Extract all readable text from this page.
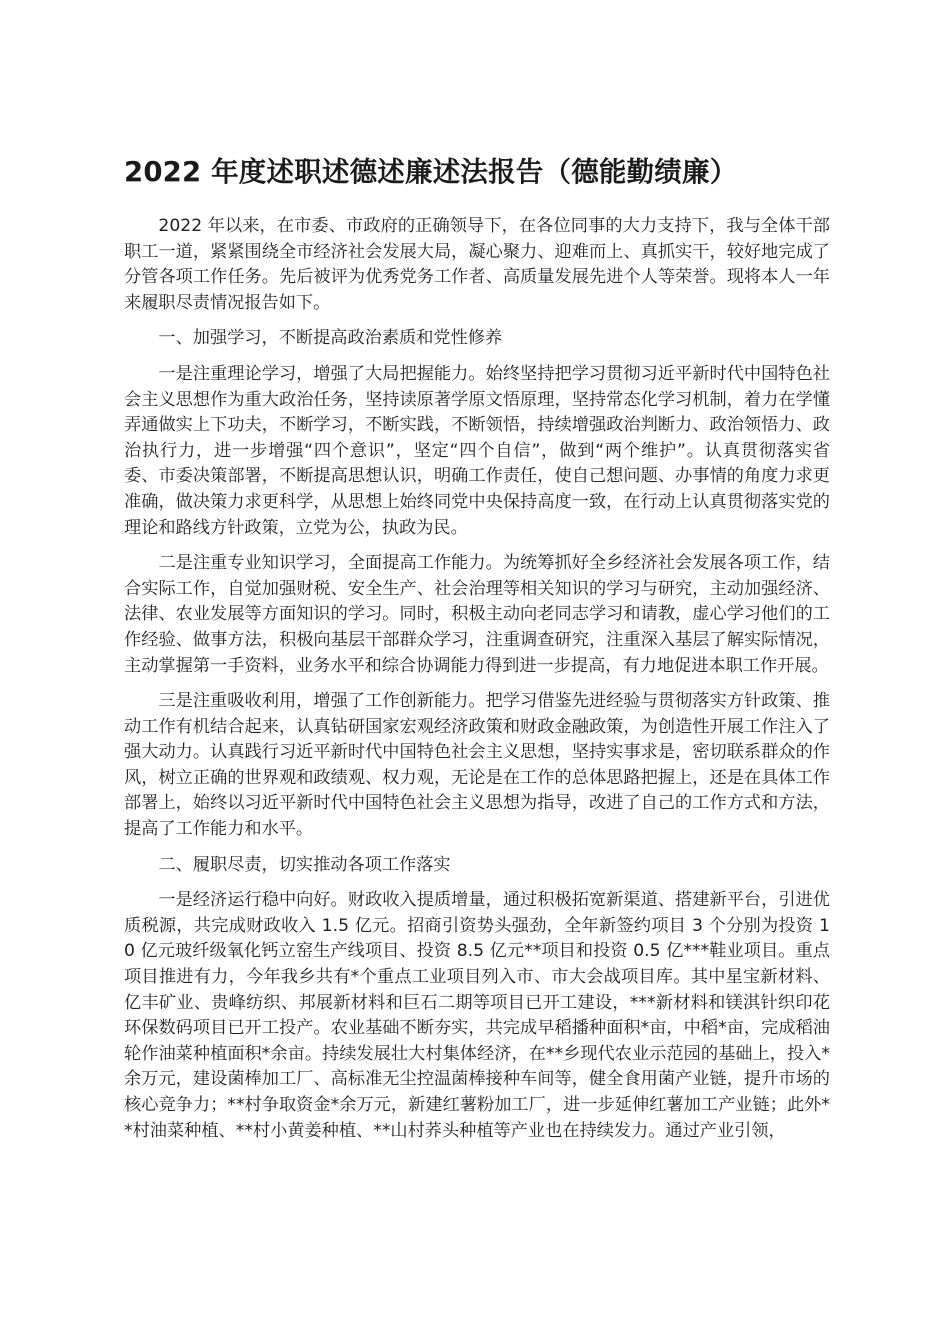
2022 年度述职述德述廉述法报告（德能勤绩廉）

2022 年以来，在市委、市政府的正确领导下，在各位同事的大力支持下，我与全体干部职工一道，紧紧围绕全市经济社会发展大局，凝心聚力、迎难而上、真抓实干，较好地完成了分管各项工作任务。先后被评为优秀党务工作者、高质量发展先进个人等荣誉。现将本人一年来履职尽责情况报告如下。

一、加强学习，不断提高政治素质和党性修养

一是注重理论学习，增强了大局把握能力。始终坚持把学习贯彻习近平新时代中国特色社会主义思想作为重大政治任务，坚持读原著学原文悟原理，坚持常态化学习机制，着力在学懂弄通做实上下功夫，不断学习，不断实践，不断领悟，持续增强政治判断力、政治领悟力、政治执行力，进一步增强“四个意识”，坚定“四个自信”，做到“两个维护”。认真贯彻落实省委、市委决策部署，不断提高思想认识，明确工作责任，使自己想问题、办事情的角度力求更准确，做决策力求更科学，从思想上始终同党中央保持高度一致，在行动上认真贯彻落实党的理论和路线方针政策，立党为公，执政为民。

二是注重专业知识学习，全面提高工作能力。为统筹抓好全乡经济社会发展各项工作，结合实际工作，自觉加强财税、安全生产、社会治理等相关知识的学习与研究，主动加强经济、法律、农业发展等方面知识的学习。同时，积极主动向老同志学习和请教，虚心学习他们的工作经验、做事方法，积极向基层干部群众学习，注重调查研究，注重深入基层了解实际情况，主动掌握第一手资料，业务水平和综合协调能力得到进一步提高，有力地促进本职工作开展。

三是注重吸收利用，增强了工作创新能力。把学习借鉴先进经验与贯彻落实方针政策、推动工作有机结合起来，认真钻研国家宏观经济政策和财政金融政策，为创造性开展工作注入了强大动力。认真践行习近平新时代中国特色社会主义思想，坚持实事求是，密切联系群众的作风，树立正确的世界观和政绩观、权力观，无论是在工作的总体思路把握上，还是在具体工作部署上，始终以习近平新时代中国特色社会主义思想为指导，改进了自己的工作方式和方法，提高了工作能力和水平。

二、履职尽责，切实推动各项工作落实

一是经济运行稳中向好。财政收入提质增量，通过积极拓宽新渠道、搭建新平台，引进优质税源，共完成财政收入 1.5 亿元。招商引资势头强劲，全年新签约项目 3 个分别为投资 10 亿元玻纤级氧化钙立窑生产线项目、投资 8.5 亿元**项目和投资 0.5 亿***鞋业项目。重点项目推进有力，今年我乡共有*个重点工业项目列入市、市大会战项目库。其中星宝新材料、亿丰矿业、贵峰纺织、邦展新材料和巨石二期等项目已开工建设，***新材料和镁淇针织印花环保数码项目已开工投产。农业基础不断夯实，共完成早稻播种面积*亩，中稻*亩，完成稻油轮作油菜种植面积*余亩。持续发展壮大村集体经济，在**乡现代农业示范园的基础上，投入*余万元，建设菌棒加工厂、高标准无尘控温菌棒接种车间等，健全食用菌产业链，提升市场的核心竞争力；**村争取资金*余万元，新建红薯粉加工厂，进一步延伸红薯加工产业链；此外**村油菜种植、**村小黄姜种植、**山村荞头种植等产业也在持续发力。通过产业引领，
